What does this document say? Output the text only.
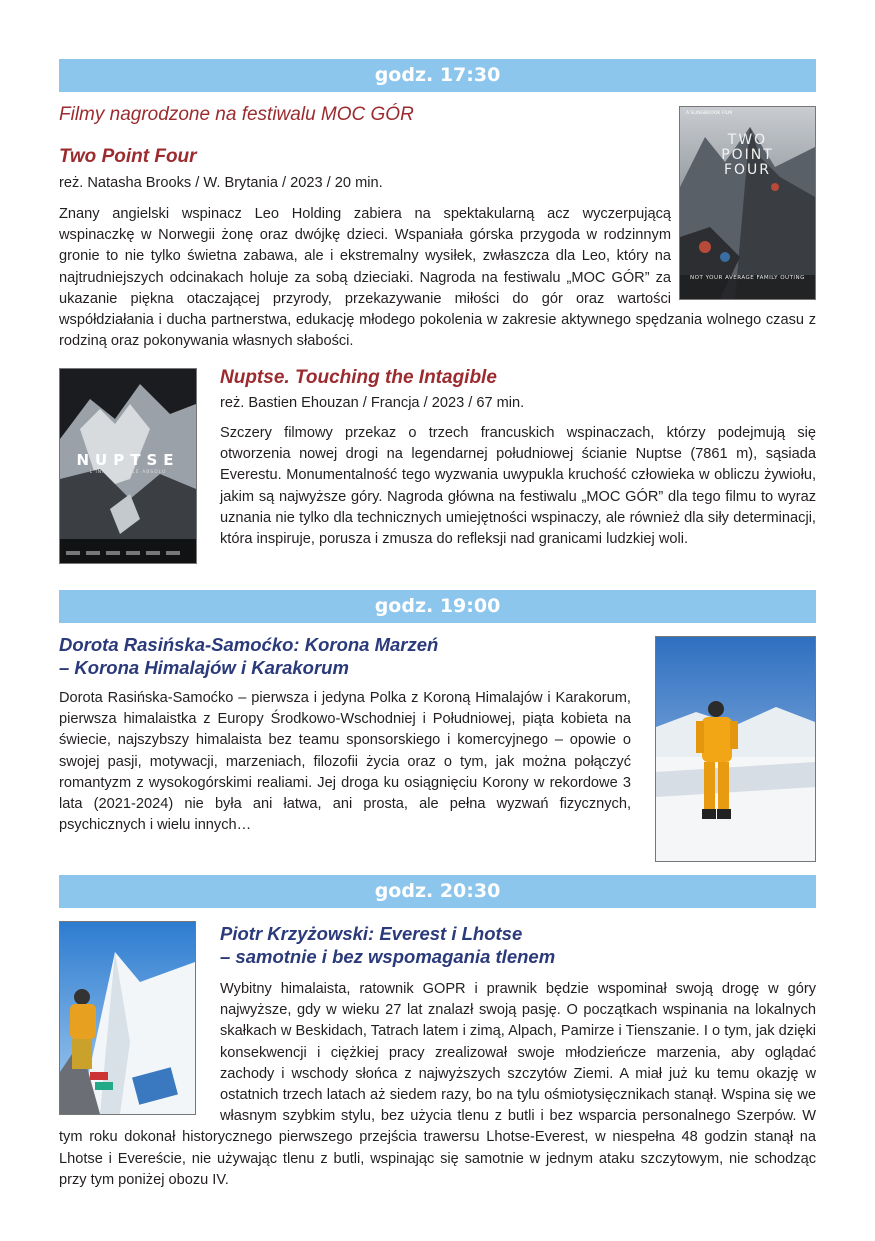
godz. 17:30
Filmy nagrodzone na festiwalu MOC GÓR
Two Point Four
reż. Natasha Brooks / W. Brytania / 2023 / 20 min.
A SLINGBROOK FILM
TWO
POINT
FOUR
NOT YOUR AVERAGE FAMILY OUTING
Znany angielski wspinacz Leo Holding zabiera na spektakularną acz wyczerpującą wspinaczkę w Norwegii żonę oraz dwójkę dzieci. Wspaniała górska przygoda w rodzinnym gronie to nie tylko świetna zabawa, ale i ekstremalny wysiłek, zwłaszcza dla Leo, który na najtrudniejszych odcinakach holuje za sobą dzieciaki. Nagroda na festiwalu „MOC GÓR” za ukazanie piękna otaczającej przyrody, przekazywanie miłości do gór oraz wartości współdziałania i ducha partnerstwa, edukację młodego pokolenia w zakresie aktywnego spędzania wolnego czasu z rodziną oraz pokonywania własnych słabości.
NUPTSE
L'INACCESSIBLE ABSOLU
Nuptse. Touching the Intagible
reż. Bastien Ehouzan / Francja / 2023 / 67 min.
Szczery filmowy przekaz o trzech francuskich wspinaczach, którzy podejmują się otworzenia nowej drogi na legendarnej południowej ścianie Nuptse (7861 m), sąsiada Everestu. Monumentalność tego wyzwania uwypukla kruchość człowieka w obliczu żywiołu, jakim są najwyższe góry. Nagroda główna na festiwalu „MOC GÓR” dla tego filmu to wyraz uznania nie tylko dla technicznych umiejętności wspinaczy, ale również dla siły determinacji, która inspiruje, porusza i zmusza do refleksji nad granicami ludzkiej woli.
godz. 19:00
Dorota Rasińska-Samoćko: Korona Marzeń
– Korona Himalajów i Karakorum
Dorota Rasińska-Samoćko – pierwsza i jedyna Polka z Koroną Himalajów i Karakorum, pierwsza himalaistka z Europy Środkowo-Wschodniej i Południowej, piąta kobieta na świecie, najszybszy himalaista bez teamu sponsorskiego i komercyjnego – opowie o swojej pasji, motywacji, marzeniach, filozofii życia oraz o tym, jak można połączyć romantyzm z wysokogórskimi realiami. Jej droga ku osiągnięciu Korony w rekordowe 3 lata (2021-2024) nie była ani łatwa, ani prosta, ale pełna wyzwań fizycznych, psychicznych i wielu innych…
godz. 20:30
Piotr Krzyżowski: Everest i Lhotse
– samotnie i bez wspomagania tlenem
Wybitny himalaista, ratownik GOPR i prawnik będzie wspominał swoją drogę w góry najwyższe, gdy w wieku 27 lat znalazł swoją pasję. O początkach wspinania na lokalnych skałkach w Beskidach, Tatrach latem i zimą, Alpach, Pamirze i Tienszanie. I o tym, jak dzięki konsekwencji i ciężkiej pracy zrealizował swoje młodzieńcze marzenia, aby oglądać zachody i wschody słońca z najwyższych szczytów Ziemi. A miał już ku temu okazję w ostatnich trzech latach aż siedem razy, bo na tylu ośmiotysięcznikach stanął. Wspina się we własnym szybkim stylu, bez użycia tlenu z butli i bez wsparcia personalnego Szerpów. W tym roku dokonał historycznego pierwszego przejścia trawersu Lhotse-Everest, w niespełna 48 godzin stanął na Lhotse i Evereście, nie używając tlenu z butli, wspinając się samotnie w jednym ataku szczytowym, nie schodząc przy tym poniżej obozu IV.
